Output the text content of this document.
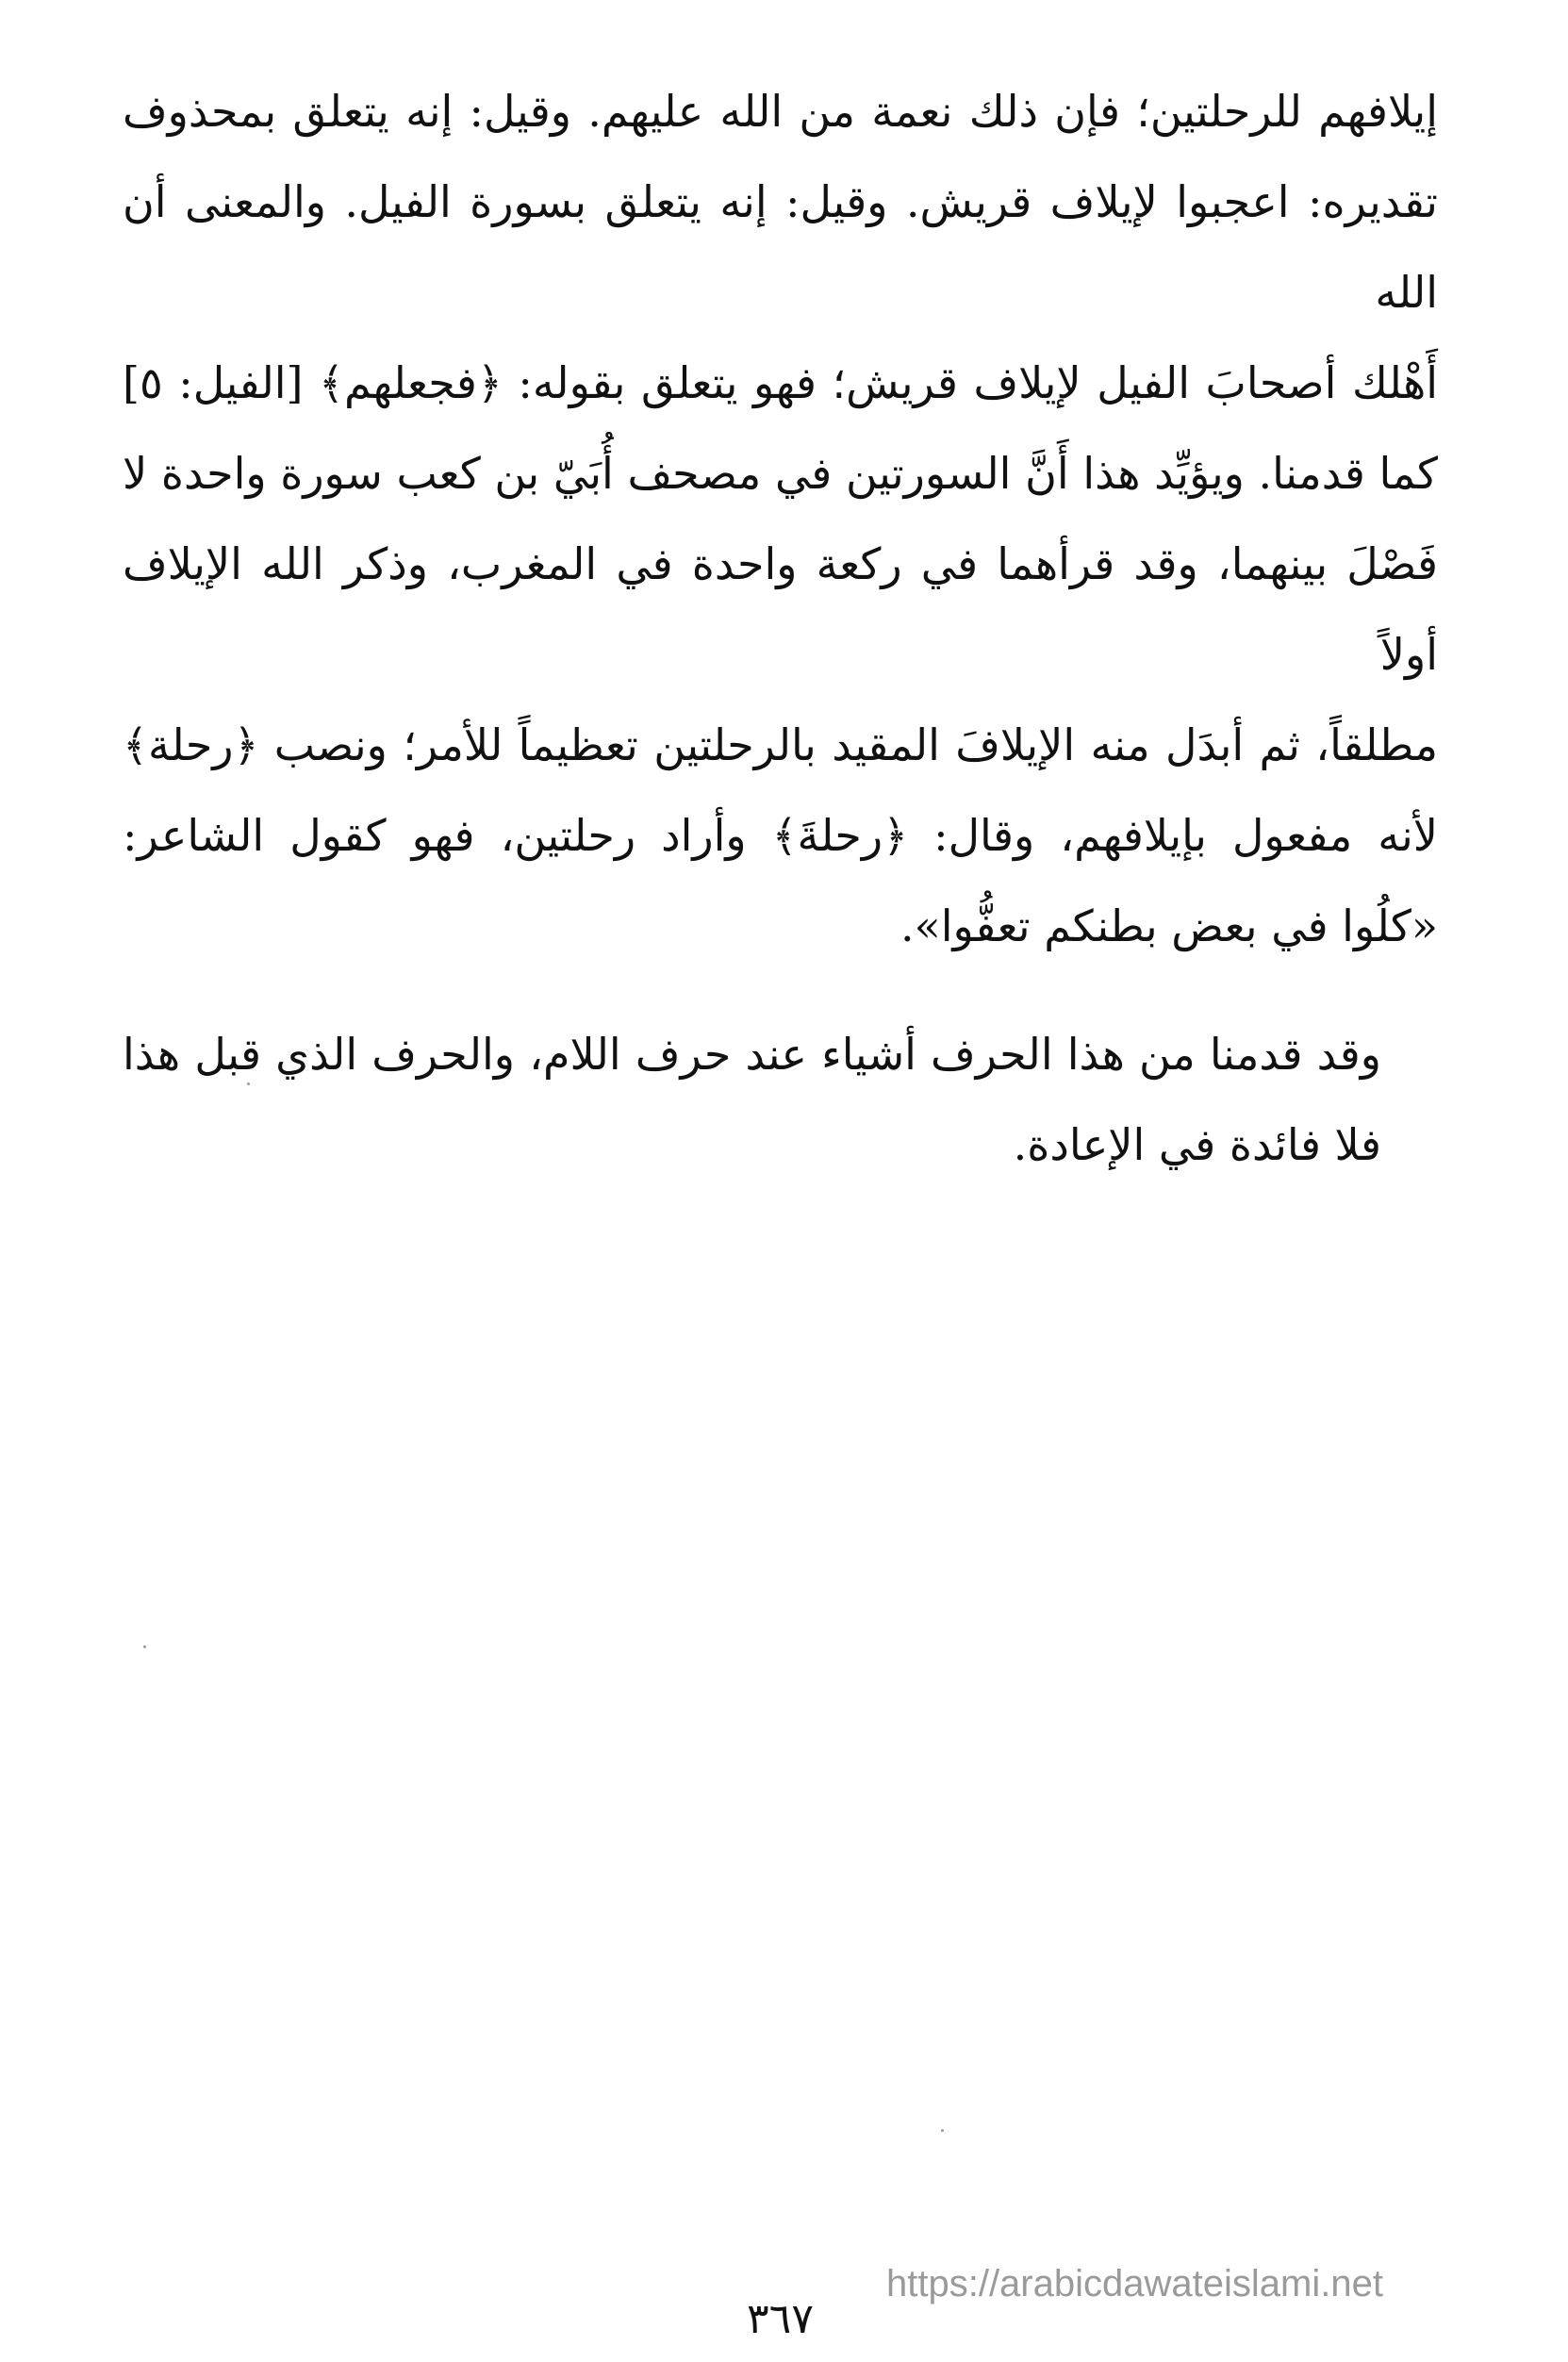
إيلافهم للرحلتين؛ فإن ذلك نعمة من الله عليهم. وقيل: إنه يتعلق بمحذوف
تقديره: اعجبوا لإيلاف قريش. وقيل: إنه يتعلق بسورة الفيل. والمعنى أن الله
أَهْلك أصحابَ الفيل لإيلاف قريش؛ فهو يتعلق بقوله: ﴿فجعلهم﴾ [الفيل: ٥]
كما قدمنا. ويؤيِّد هذا أَنَّ السورتين في مصحف أُبَيّ بن كعب سورة واحدة لا
فَصْلَ بينهما، وقد قرأهما في ركعة واحدة في المغرب، وذكر الله الإيلاف أولاً
مطلقاً، ثم أبدَل منه الإيلافَ المقيد بالرحلتين تعظيماً للأمر؛ ونصب ﴿رحلة﴾
لأنه مفعول بإيلافهم، وقال: ﴿رحلةَ﴾ وأراد رحلتين، فهو كقول الشاعر:
«كلُوا في بعض بطنكم تعفُّوا».
وقد قدمنا من هذا الحرف أشياء عند حرف اللام، والحرف الذي قبل هذا
فلا فائدة في الإعادة.
٣٦٧
https://arabicdawateislami.net
